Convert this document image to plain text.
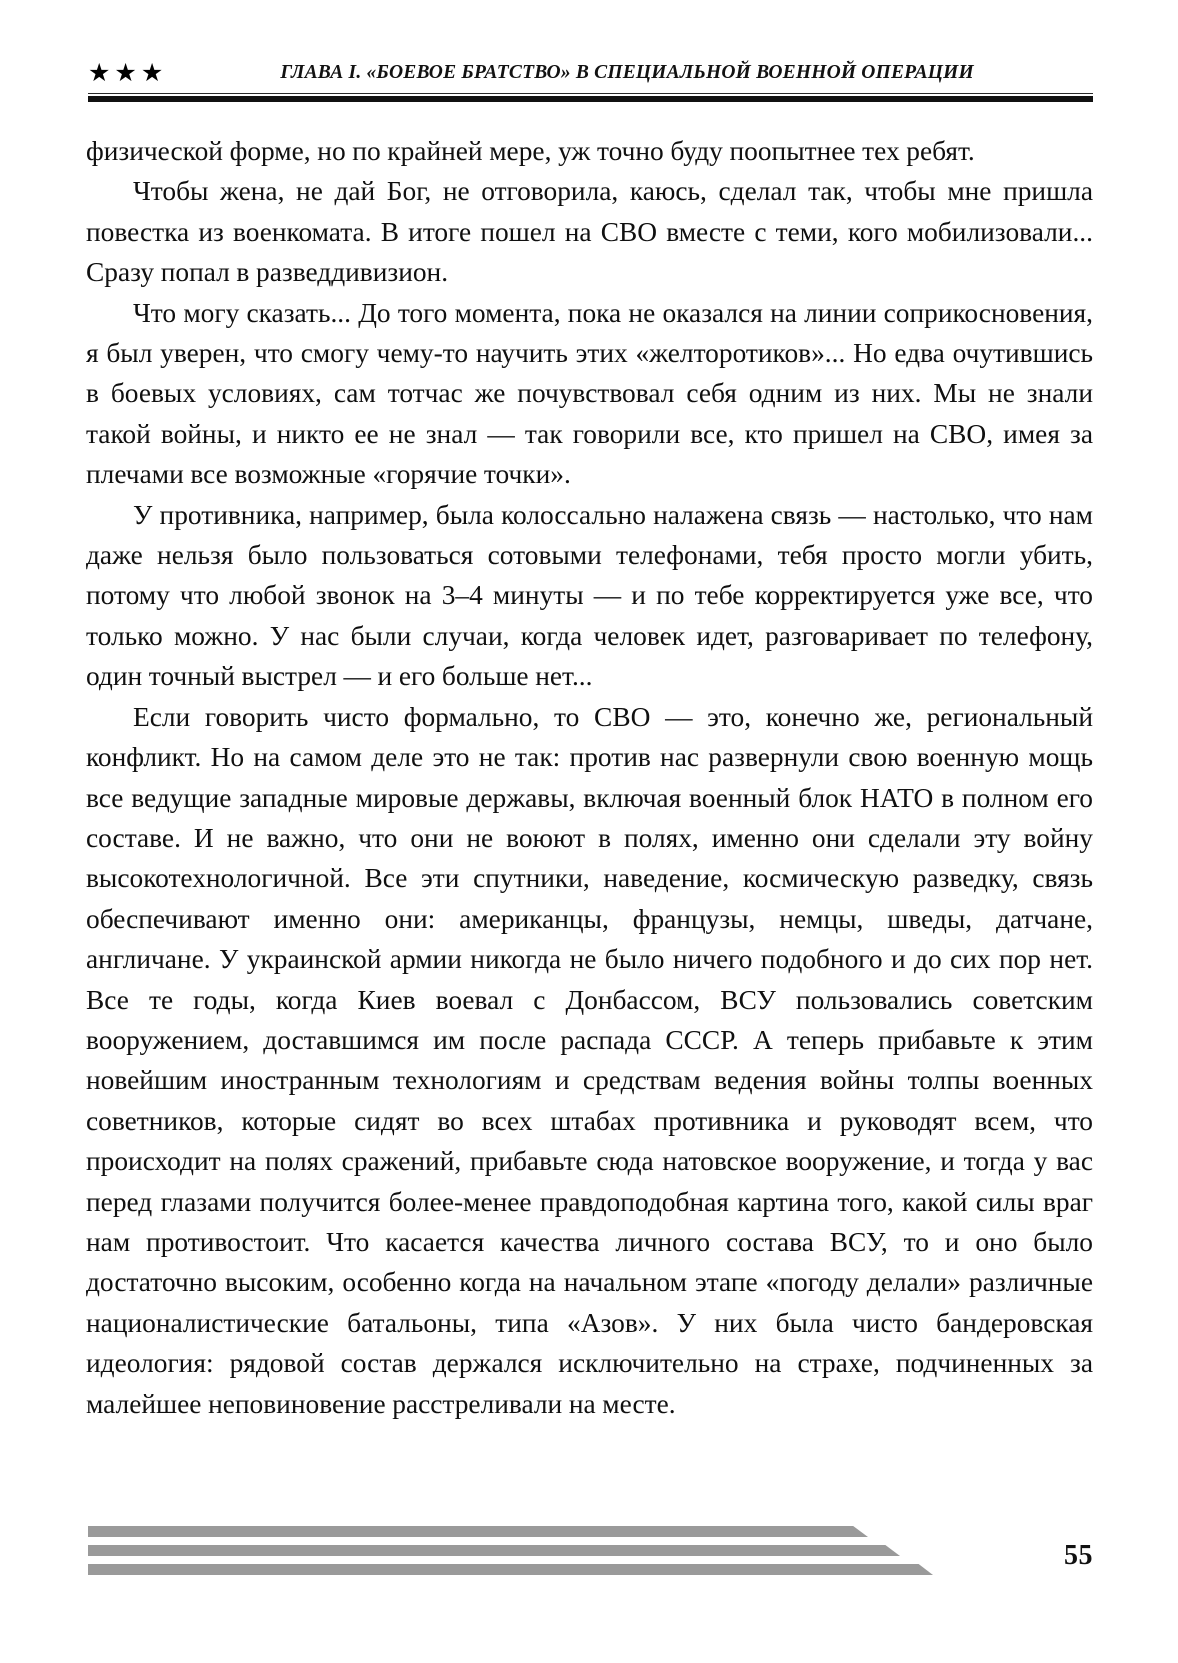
★★★	ГЛАВА I. «БОЕВОЕ БРАТСТВО» В СПЕЦИАЛЬНОЙ ВОЕННОЙ ОПЕРАЦИИ

физической форме, но по крайней мере, уж точно буду поопытнее тех ребят.

Чтобы жена, не дай Бог, не отговорила, каюсь, сделал так, чтобы мне пришла повестка из военкомата. В итоге пошел на СВО вместе с теми, кого мобилизовали... Сразу попал в разведдивизион.

Что могу сказать... До того момента, пока не оказался на линии соприкосновения, я был уверен, что смогу чему-то научить этих «желторотиков»... Но едва очутившись в боевых условиях, сам тотчас же почувствовал себя одним из них. Мы не знали такой войны, и никто ее не знал — так говорили все, кто пришел на СВО, имея за плечами все возможные «горячие точки».

У противника, например, была колоссально налажена связь — настолько, что нам даже нельзя было пользоваться сотовыми телефонами, тебя просто могли убить, потому что любой звонок на 3–4 минуты — и по тебе корректируется уже все, что только можно. У нас были случаи, когда человек идет, разговаривает по телефону, один точный выстрел — и его больше нет...

Если говорить чисто формально, то СВО — это, конечно же, региональный конфликт. Но на самом деле это не так: против нас развернули свою военную мощь все ведущие западные мировые державы, включая военный блок НАТО в полном его составе. И не важно, что они не воюют в полях, именно они сделали эту войну высокотехнологичной. Все эти спутники, наведение, космическую разведку, связь обеспечивают именно они: американцы, французы, немцы, шведы, датчане, англичане. У украинской армии никогда не было ничего подобного и до сих пор нет. Все те годы, когда Киев воевал с Донбассом, ВСУ пользовались советским вооружением, доставшимся им после распада СССР. А теперь прибавьте к этим новейшим иностранным технологиям и средствам ведения войны толпы военных советников, которые сидят во всех штабах противника и руководят всем, что происходит на полях сражений, прибавьте сюда натовское вооружение, и тогда у вас перед глазами получится более-менее правдоподобная картина того, какой силы враг нам противостоит. Что касается качества личного состава ВСУ, то и оно было достаточно высоким, особенно когда на начальном этапе «погоду делали» различные националистические батальоны, типа «Азов». У них была чисто бандеровская идеология: рядовой состав держался исключительно на страхе, подчиненных за малейшее неповиновение расстреливали на месте.

55
